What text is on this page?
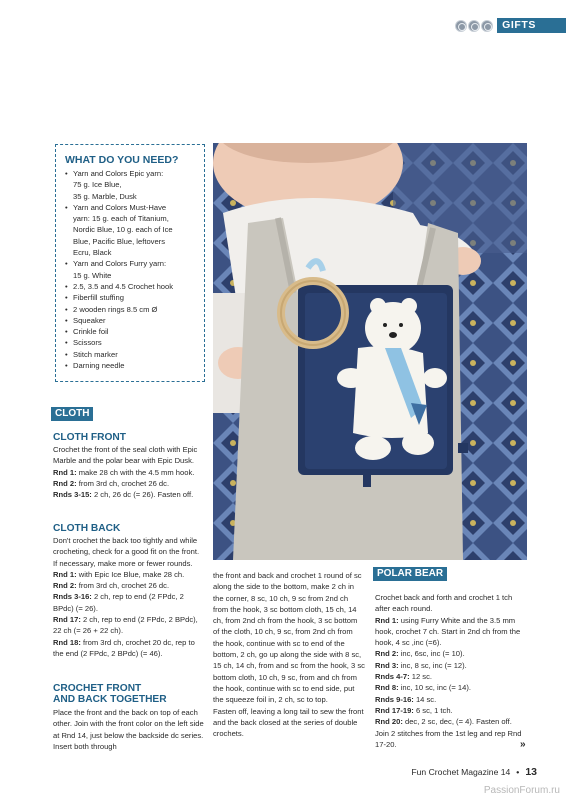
GIFTS
WHAT DO YOU NEED?
• Yarn and Colors Epic yarn:
75 g. Ice Blue,
35 g. Marble, Dusk
• Yarn and Colors Must-Have
yarn: 15 g. each of Titanium,
Nordic Blue, 10 g. each of Ice
Blue, Pacific Blue, leftovers
Ecru, Black
• Yarn and Colors Furry yarn:
15 g. White
• 2.5, 3.5 and 4.5 Crochet hook
• Fiberfill stuffing
• 2 wooden rings 8.5 cm Ø
• Squeaker
• Crinkle foil
• Scissors
• Stitch marker
• Darning needle
CLOTH
CLOTH FRONT

Crochet the front of the seal cloth with Epic Marble and the polar bear with Epic Dusk.

Rnd 1: make 28 ch with the 4.5 mm hook.

Rnd 2: from 3rd ch, crochet 26 dc.

Rnds 3-15: 2 ch, 26 dc (= 26). Fasten off.

CLOTH BACK

Don't crochet the back too tightly and while crocheting, check for a good fit on the front. If necessary, make more or fewer rounds.

Rnd 1: with Epic Ice Blue, make 28 ch.

Rnd 2: from 3rd ch, crochet 26 dc.

Rnds 3-16: 2 ch, rep to end (2 FPdc, 2 BPdc) (= 26).

Rnd 17: 2 ch, rep to end (2 FPdc, 2 BPdc), 22 ch (= 26 + 22 ch).

Rnd 18: from 3rd ch, crochet 20 dc, rep to the end (2 FPdc, 2 BPdc) (= 46).

CROCHET FRONT
AND BACK TOGETHER
Place the front and the back on top of each other. Join with the front color on the left side at Rnd 14, just below the backside dc series. Insert both through
the front and back and crochet 1 round of sc along the side to the bottom, make 2 ch in the corner, 8 sc, 10 ch, 9 sc from 2nd ch from the hook, 3 sc bottom cloth, 15 ch, 14 ch, from 2nd ch from the hook, 3 sc bottom of the cloth, 10 ch, 9 sc, from 2nd ch from the hook, continue with sc to end of the bottom, 2 ch, go up along the side with 8 sc, 15 ch, 14 ch, from and sc from the hook, 3 sc bottom cloth, 10 ch, 9 sc, from and ch from the hook, continue with sc to end side, put the squeeze foil in, 2 ch, sc to top.
Fasten off, leaving a long tail to sew the front and the back closed at the series of double crochets.
POLAR BEAR

Crochet back and forth and crochet 1 tch after each round.

Rnd 1: using Furry White and the 3.5 mm hook, crochet 7 ch. Start in 2nd ch from the hook, 4 sc ,inc (=6).

Rnd 2: inc, 6sc, inc (= 10).

Rnd 3: inc, 8 sc, inc (= 12).

Rnds 4-7: 12 sc.

Rnd 8: inc, 10 sc, inc (= 14).

Rnds 9-16: 14 sc.

Rnd 17-19: 6 sc, 1 tch.

Rnd 20: dec, 2 sc, dec, (= 4). Fasten off.

Join 2 stitches from the 1st leg and rep Rnd 17-20.	»
Fun Crochet Magazine 14 • 13
PassionForum.ru
